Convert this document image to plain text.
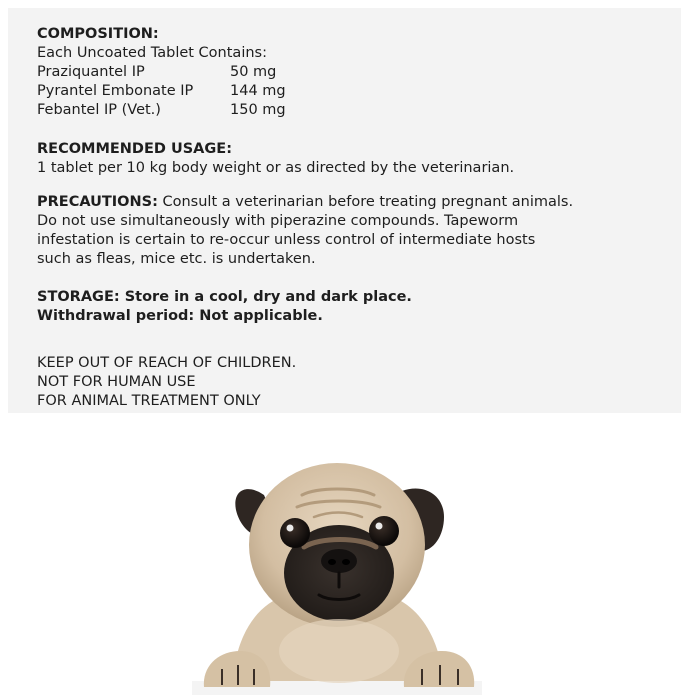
COMPOSITION:
Each Uncoated Tablet Contains:
Praziquantel IP	50 mg
Pyrantel Embonate IP	144 mg
Febantel IP (Vet.)	150 mg
RECOMMENDED USAGE:
1 tablet per 10 kg body weight or as directed by the veterinarian.
PRECAUTIONS: Consult a veterinarian before treating pregnant animals.
Do not use simultaneously with piperazine compounds. Tapeworm
infestation is certain to re-occur unless control of intermediate hosts
such as fleas, mice etc. is undertaken.
STORAGE: Store in a cool, dry and dark place.
Withdrawal period: Not applicable.
KEEP OUT OF REACH OF CHILDREN.
NOT FOR HUMAN USE
FOR ANIMAL TREATMENT ONLY
